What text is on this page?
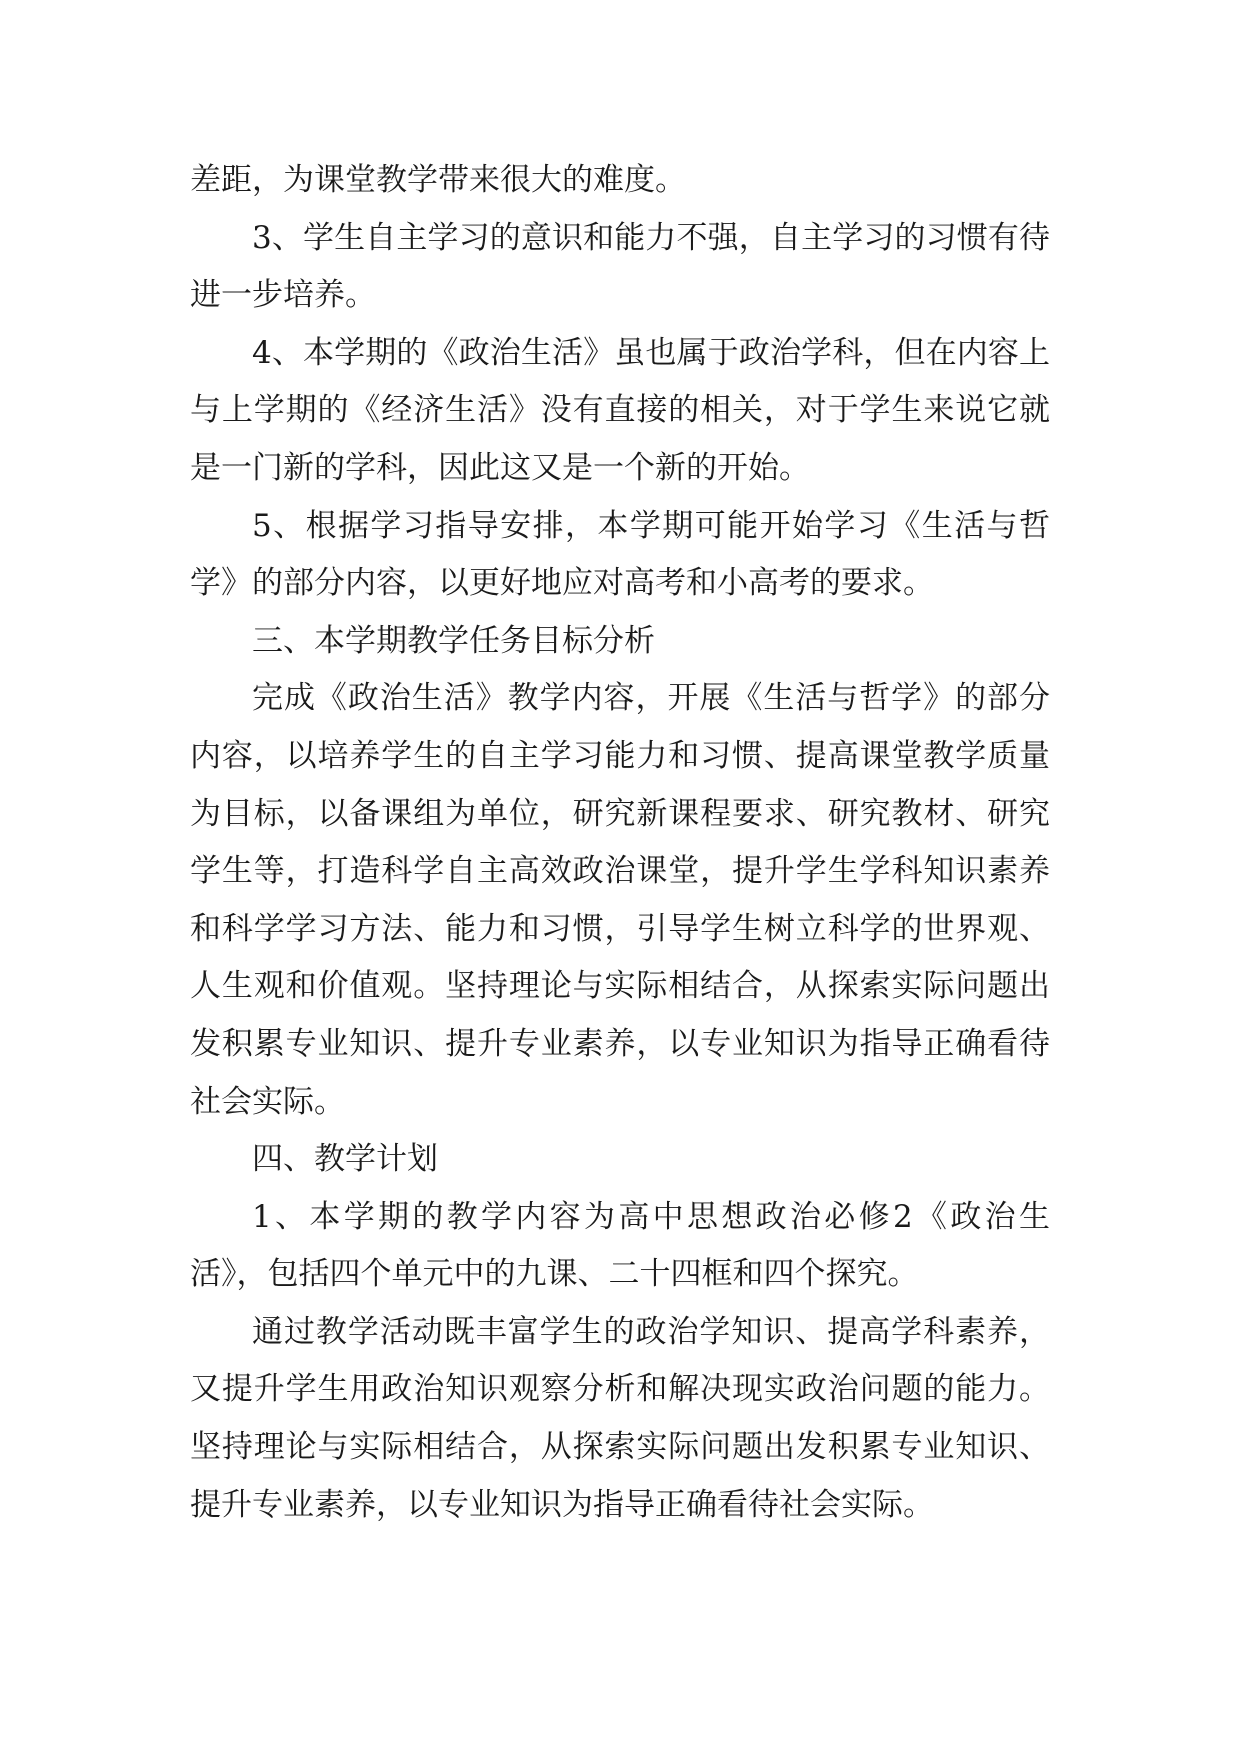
差距，为课堂教学带来很大的难度。

3、学生自主学习的意识和能力不强，自主学习的习惯有待进一步培养。

4、本学期的《政治生活》虽也属于政治学科，但在内容上与上学期的《经济生活》没有直接的相关，对于学生来说它就是一门新的学科，因此这又是一个新的开始。

5、根据学习指导安排，本学期可能开始学习《生活与哲学》的部分内容，以更好地应对高考和小高考的要求。

三、本学期教学任务目标分析

完成《政治生活》教学内容，开展《生活与哲学》的部分内容，以培养学生的自主学习能力和习惯、提高课堂教学质量为目标，以备课组为单位，研究新课程要求、研究教材、研究学生等，打造科学自主高效政治课堂，提升学生学科知识素养和科学学习方法、能力和习惯，引导学生树立科学的世界观、人生观和价值观。坚持理论与实际相结合，从探索实际问题出发积累专业知识、提升专业素养，以专业知识为指导正确看待社会实际。

四、教学计划

1、本学期的教学内容为高中思想政治必修2《政治生活》，包括四个单元中的九课、二十四框和四个探究。

通过教学活动既丰富学生的政治学知识、提高学科素养，又提升学生用政治知识观察分析和解决现实政治问题的能力。坚持理论与实际相结合，从探索实际问题出发积累专业知识、提升专业素养，以专业知识为指导正确看待社会实际。
